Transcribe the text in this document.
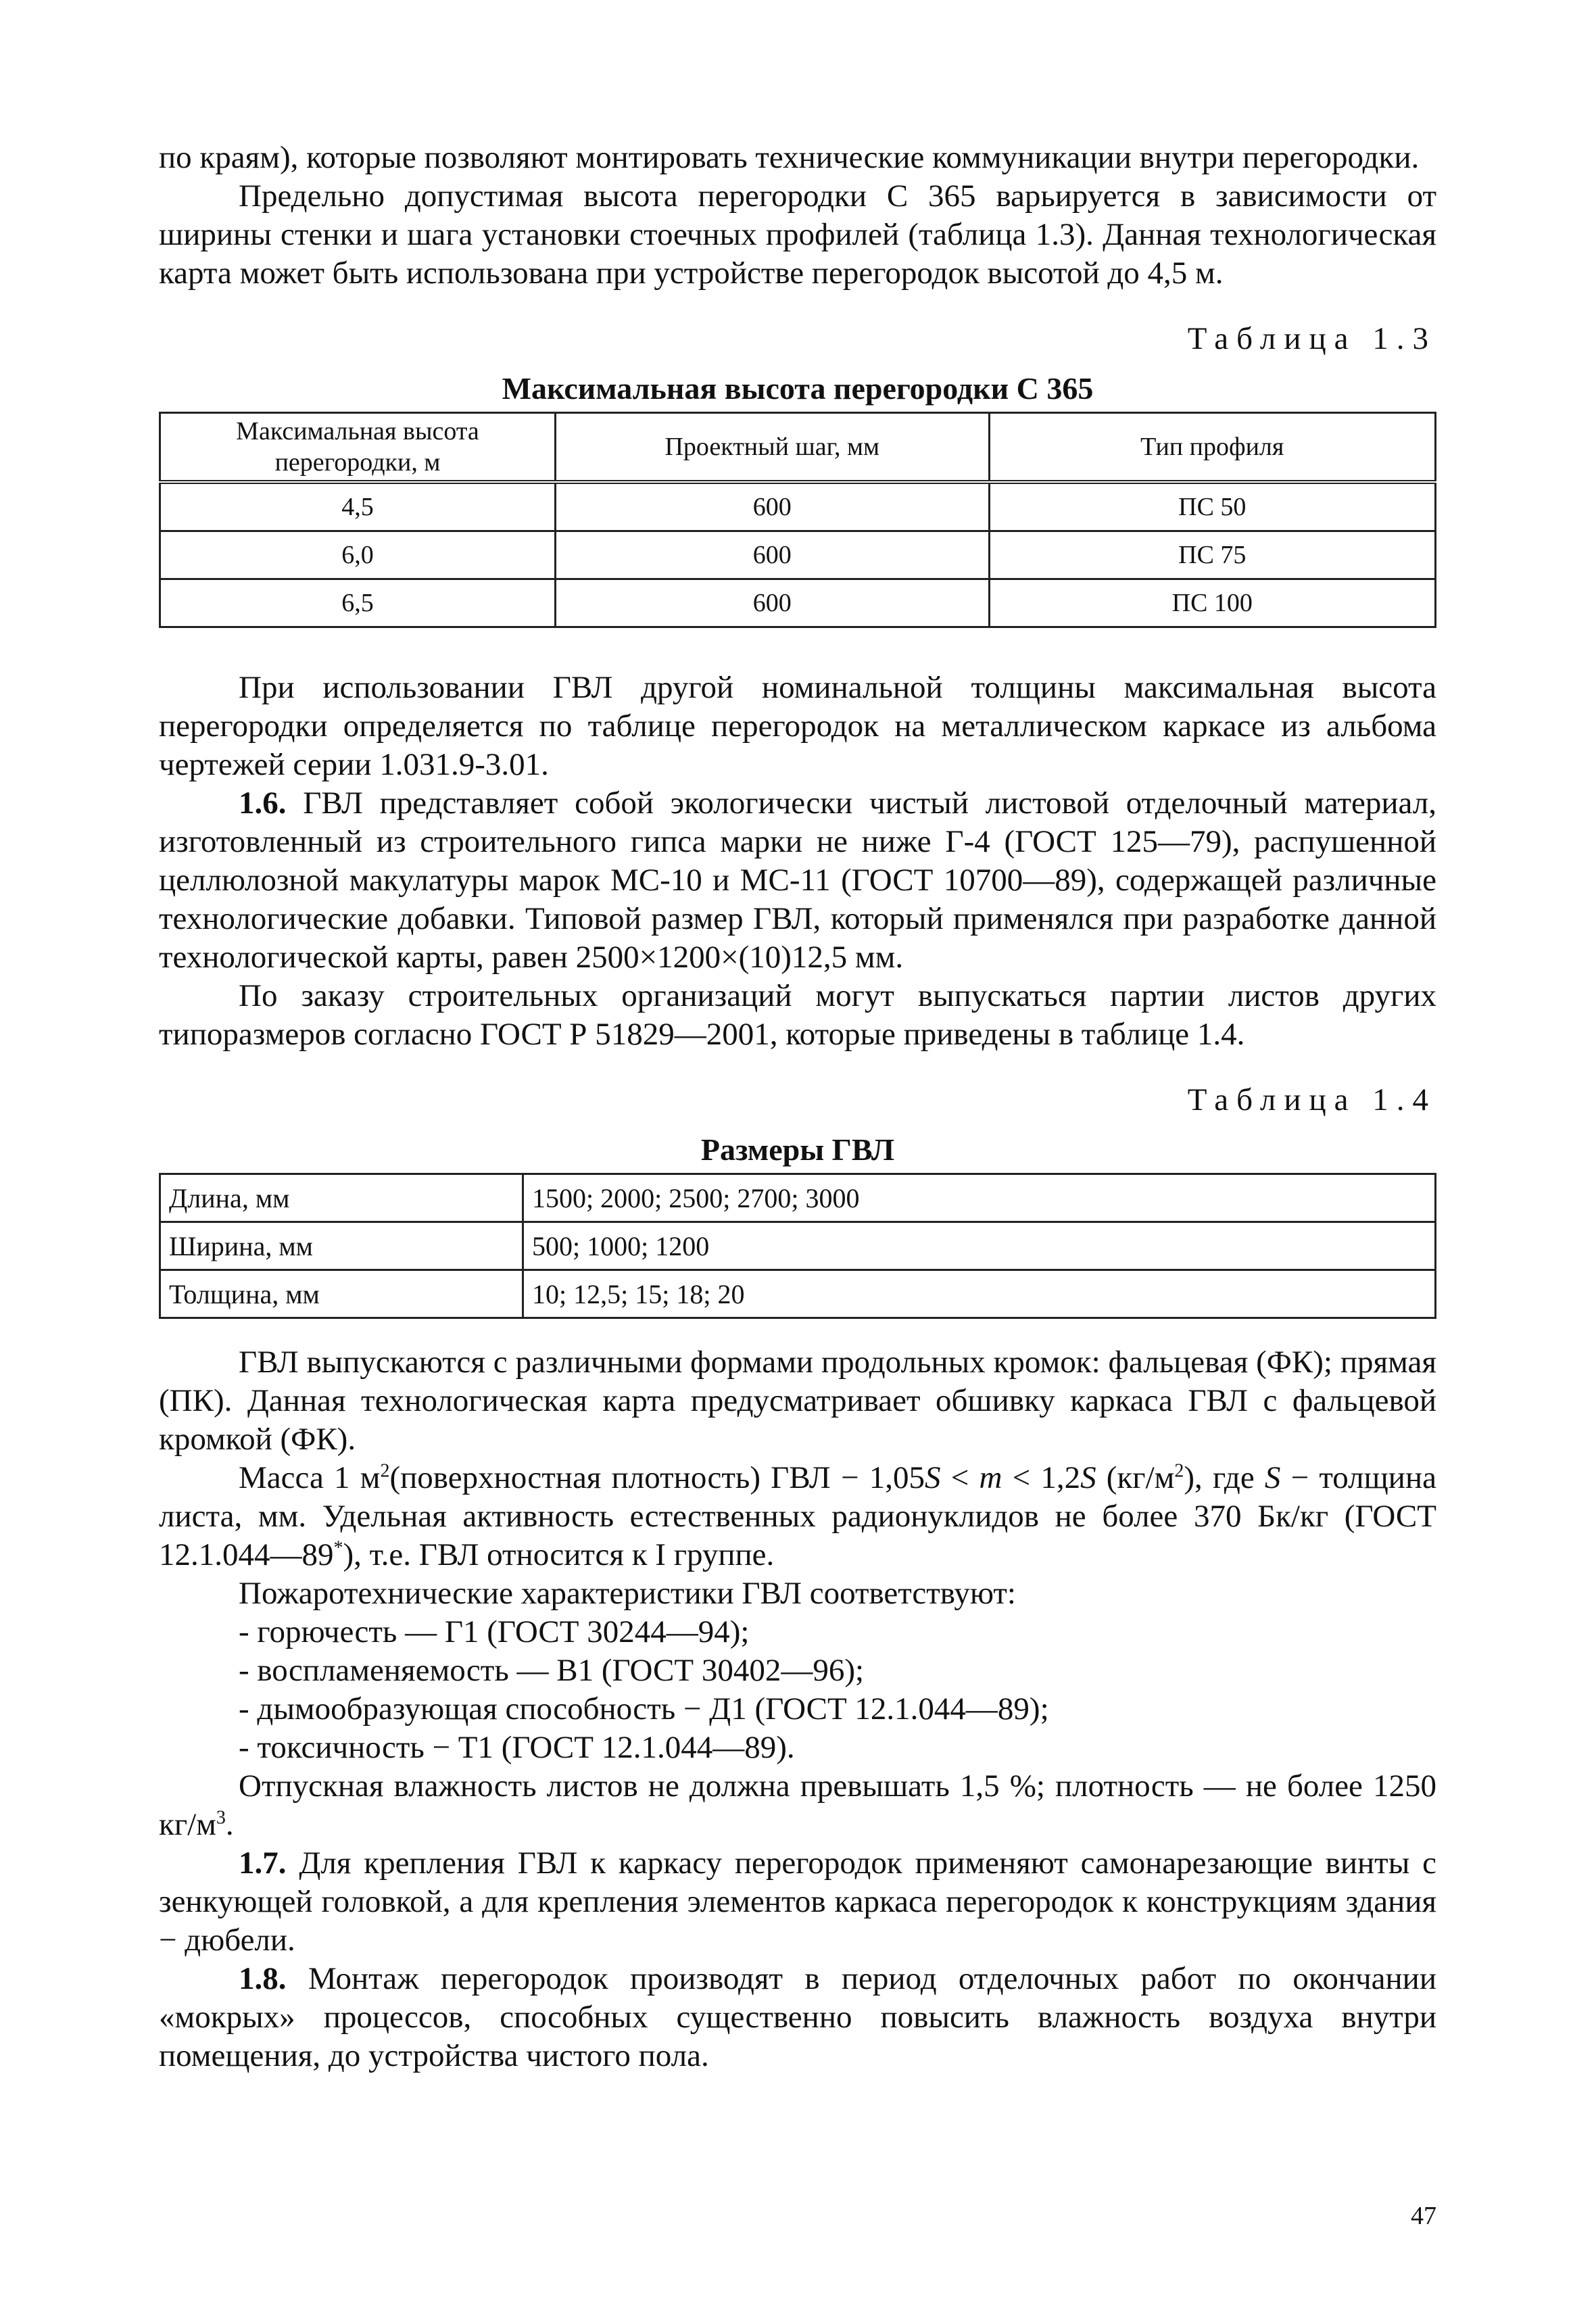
по краям), которые позволяют монтировать технические коммуникации внутри перегородки.

Предельно допустимая высота перегородки С 365 варьируется в зависимости от ширины стенки и шага установки стоечных профилей (таблица 1.3). Данная технологическая карта может быть использована при устройстве перегородок высотой до 4,5 м.

Таблица 1.3
Максимальная высота перегородки С 365
Максимальная высота перегородки, м	Проектный шаг, мм	Тип профиля
4,5	600	ПС 50
6,0	600	ПС 75
6,5	600	ПС 100

При использовании ГВЛ другой номинальной толщины максимальная высота перегородки определяется по таблице перегородок на металлическом каркасе из альбома чертежей серии 1.031.9-3.01.

1.6. ГВЛ представляет собой экологически чистый листовой отделочный материал, изготовленный из строительного гипса марки не ниже Г-4 (ГОСТ 125—79), распушенной целлюлозной макулатуры марок МС-10 и МС-11 (ГОСТ 10700—89), содержащей различные технологические добавки. Типовой размер ГВЛ, который применялся при разработке данной технологической карты, равен 2500×1200×(10)12,5 мм.

По заказу строительных организаций могут выпускаться партии листов других типоразмеров согласно ГОСТ Р 51829—2001, которые приведены в таблице 1.4.

Таблица 1.4
Размеры ГВЛ
Длина, мм	1500; 2000; 2500; 2700; 3000
Ширина, мм	500; 1000; 1200
Толщина, мм	10; 12,5; 15; 18; 20

ГВЛ выпускаются с различными формами продольных кромок: фальцевая (ФК); прямая (ПК). Данная технологическая карта предусматривает обшивку каркаса ГВЛ с фальцевой кромкой (ФК).

Масса 1 $м^2(поверхностная$ плотность) ГВЛ − 1,05S < m < 1,2S $(кг/м^2)$, где S − толщина листа, мм. Удельная активность естественных радионуклидов не более 370 Бк/кг (ГОСТ 12.1.044—89*), т.е. ГВЛ относится к I группе.

Пожаротехнические характеристики ГВЛ соответствуют:

- горючесть — Г1 (ГОСТ 30244—94);

- воспламеняемость — В1 (ГОСТ 30402—96);

- дымообразующая способность − Д1 (ГОСТ 12.1.044—89);

- токсичность − Т1 (ГОСТ 12.1.044—89).

Отпускная влажность листов не должна превышать 1,5 %; плотность — не более 1250 $кг/м^3$.

1.7. Для крепления ГВЛ к каркасу перегородок применяют самонарезающие винты с зенкующей головкой, а для крепления элементов каркаса перегородок к конструкциям здания − дюбели.

1.8. Монтаж перегородок производят в период отделочных работ по окончании «мокрых» процессов, способных существенно повысить влажность воздуха внутри помещения, до устройства чистого пола.

47
